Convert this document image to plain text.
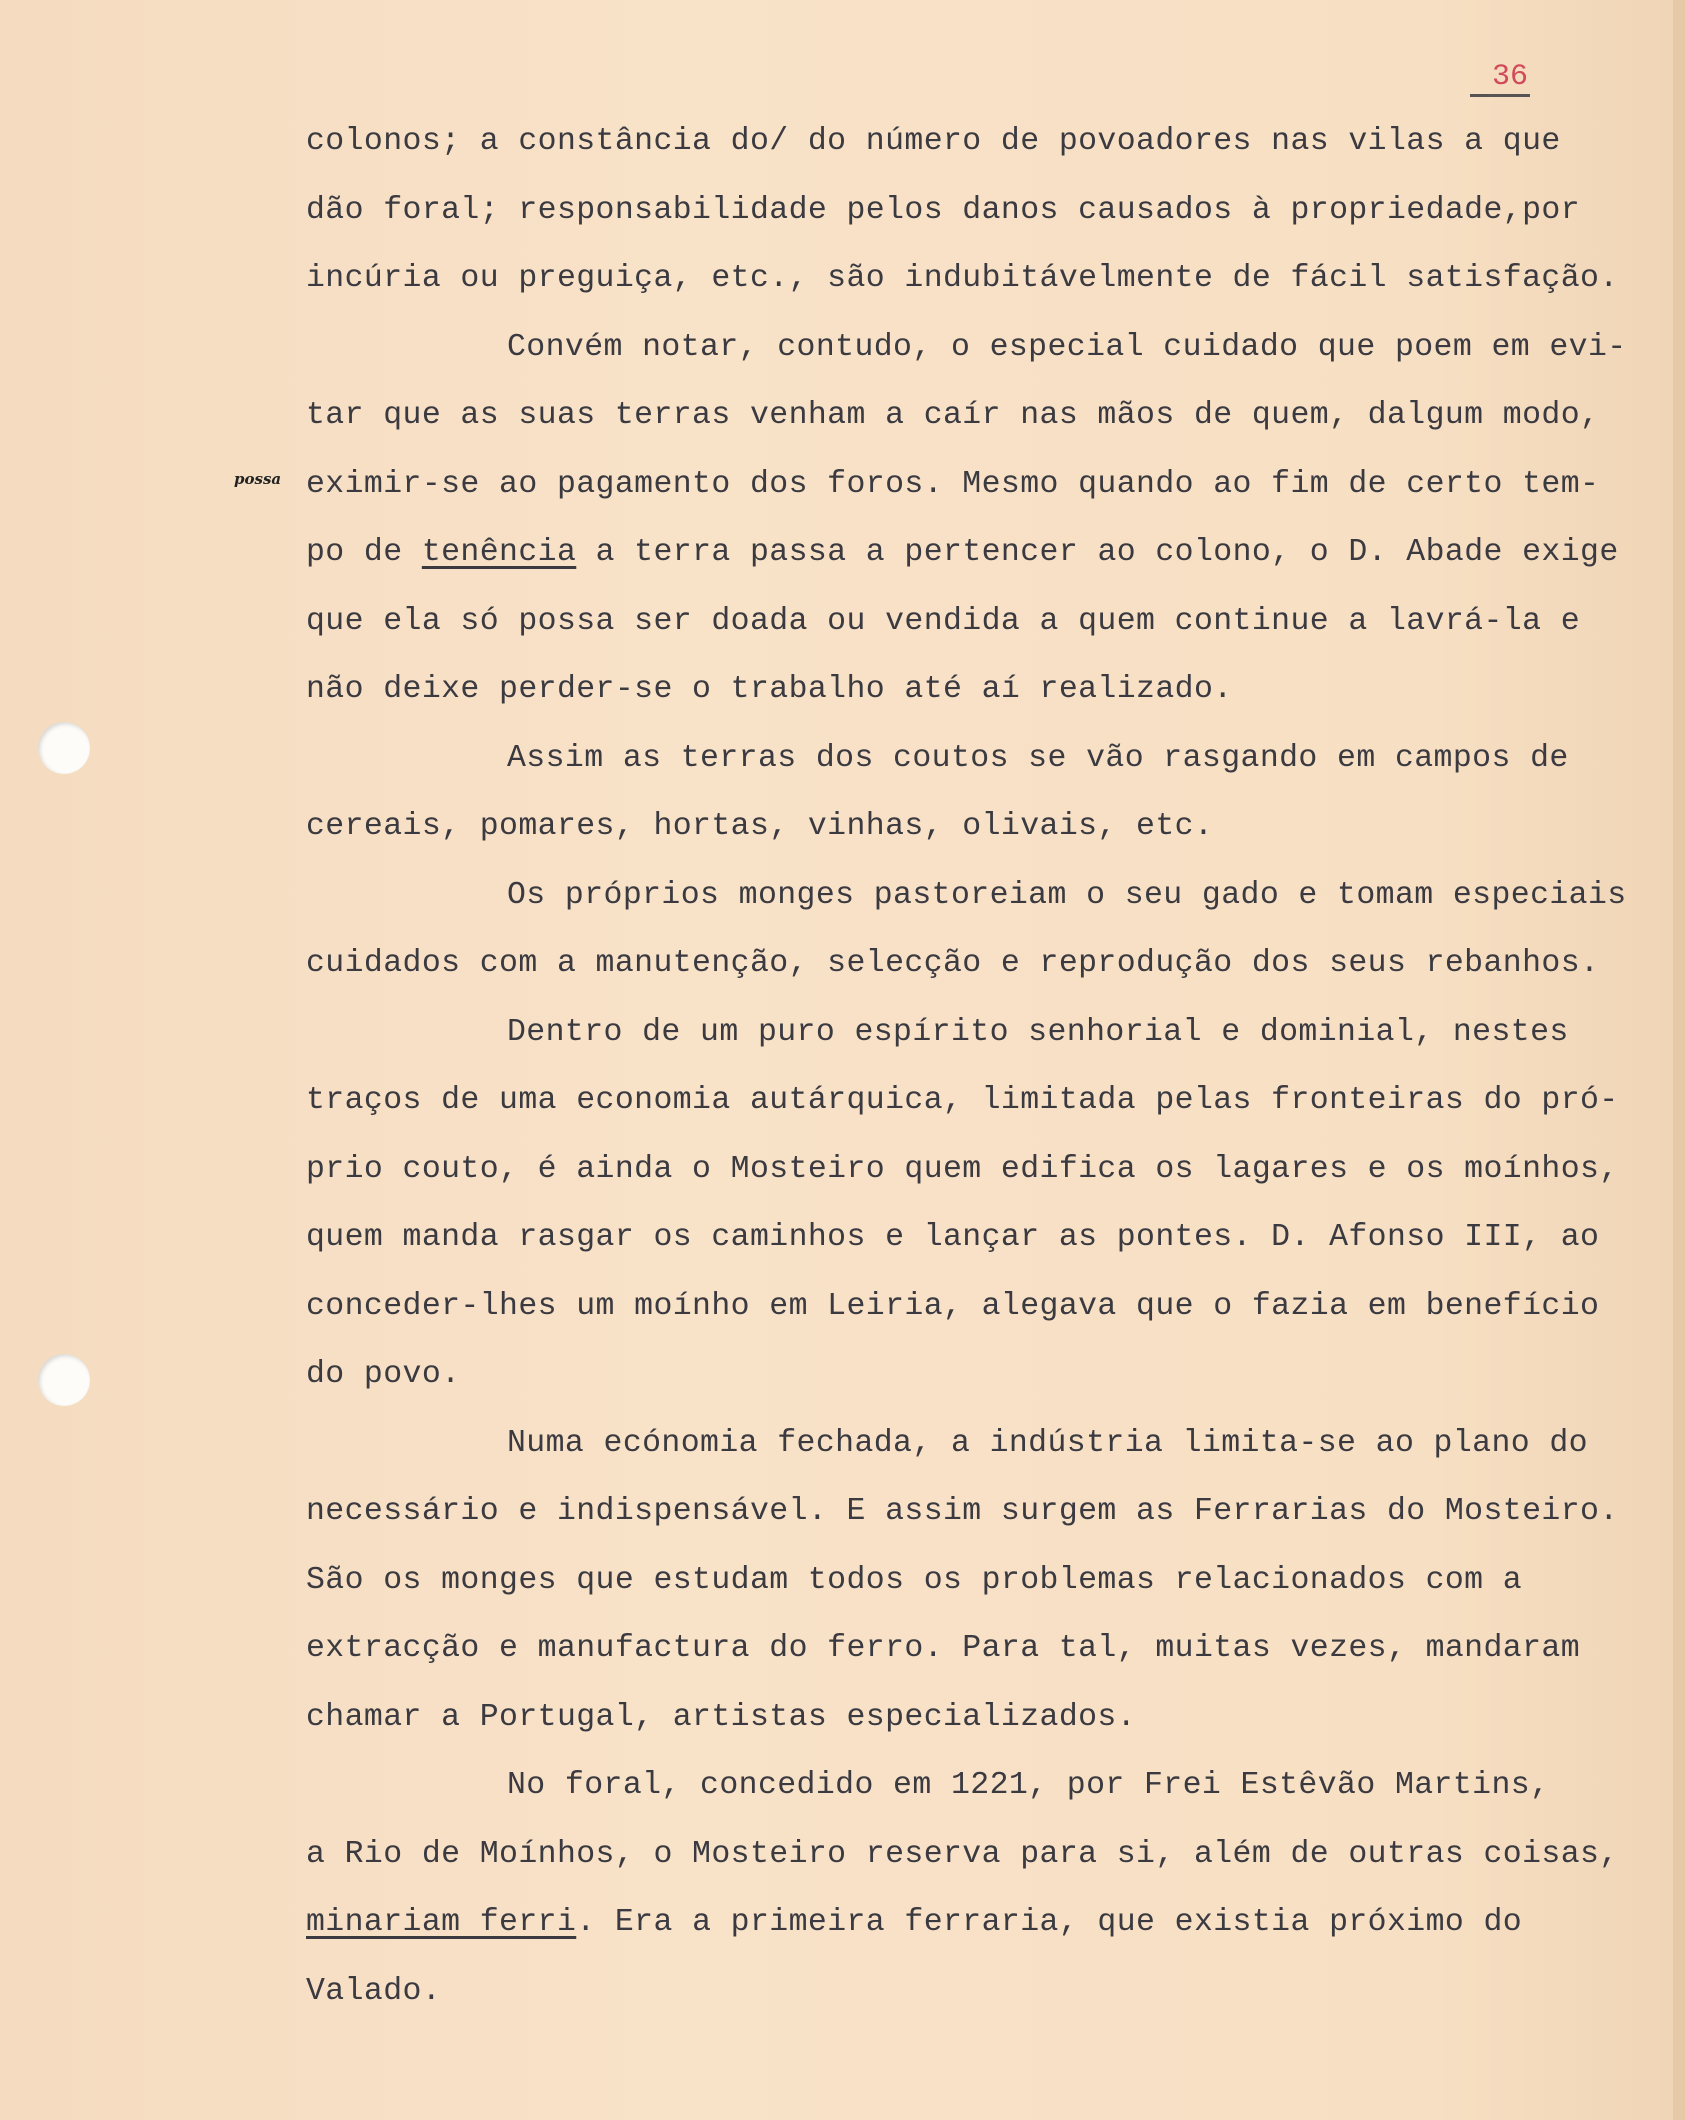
36
possa
colonos; a constância do/ do número de povoadores nas vilas a que
dão foral; responsabilidade pelos danos causados à propriedade,por
incúria ou preguiça, etc., são indubitávelmente de fácil satisfação.
Convém notar, contudo, o especial cuidado que poem em evi-
tar que as suas terras venham a caír nas mãos de quem, dalgum modo,
eximir-se ao pagamento dos foros. Mesmo quando ao fim de certo tem-
po de tenência a terra passa a pertencer ao colono, o D. Abade exige
que ela só possa ser doada ou vendida a quem continue a lavrá-la e
não deixe perder-se o trabalho até aí realizado.
Assim as terras dos coutos se vão rasgando em campos de
cereais, pomares, hortas, vinhas, olivais, etc.
Os próprios monges pastoreiam o seu gado e tomam especiais
cuidados com a manutenção, selecção e reprodução dos seus rebanhos.
Dentro de um puro espírito senhorial e dominial, nestes
traços de uma economia autárquica, limitada pelas fronteiras do pró-
prio couto, é ainda o Mosteiro quem edifica os lagares e os moínhos,
quem manda rasgar os caminhos e lançar as pontes. D. Afonso III, ao
conceder-lhes um moínho em Leiria, alegava que o fazia em benefício
do povo.
Numa ecónomia fechada, a indústria limita-se ao plano do
necessário e indispensável. E assim surgem as Ferrarias do Mosteiro.
São os monges que estudam todos os problemas relacionados com a
extracção e manufactura do ferro. Para tal, muitas vezes, mandaram
chamar a Portugal, artistas especializados.
No foral, concedido em 1221, por Frei Estêvão Martins,
a Rio de Moínhos, o Mosteiro reserva para si, além de outras coisas,
minariam ferri. Era a primeira ferraria, que existia próximo do
Valado.
